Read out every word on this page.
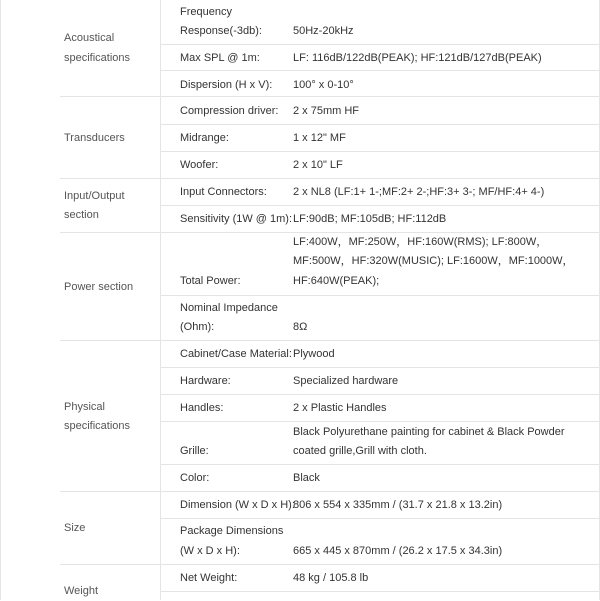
Acoustical
specifications
Frequency
Response(-3db):	50Hz-20kHz
Max SPL @ 1m:	LF: 116dB/122dB(PEAK); HF:121dB/127dB(PEAK)
Dispersion (H x V): 100° x 0-10°
Transducers
Compression driver: 2 x 75mm HF
Midrange:	1 x 12" MF
Woofer:	2 x 10" LF
Input/Output
section
Input Connectors: 2 x NL8 (LF:1+ 1-;MF:2+ 2-;HF:3+ 3-; MF/HF:4+ 4-)
Sensitivity (1W @ 1m): LF:90dB; MF:105dB; HF:112dB
Power section	Total Power:
LF:400W，MF:250W，HF:160W(RMS); LF:800W，
MF:500W，HF:320W(MUSIC); LF:1600W，MF:1000W，
HF:640W(PEAK);
Nominal Impedance
(Ohm):	8Ω
Physical
specifications
Cabinet/Case Material: Plywood
Hardware:	Specialized hardware
Handles:	2 x Plastic Handles
Grille:
Black Polyurethane painting for cabinet & Black Powder
coated grille,Grill with cloth.
Color:	Black
Size
Dimension (W x D x H):
806 x 554 x 335mm / (31.7 x 21.8 x 13.2in)
Package Dimensions
(W x D x H):	665 x 445 x 870mm / (26.2 x 17.5 x 34.3in)
Weight
Net Weight:	48 kg / 105.8 lb
